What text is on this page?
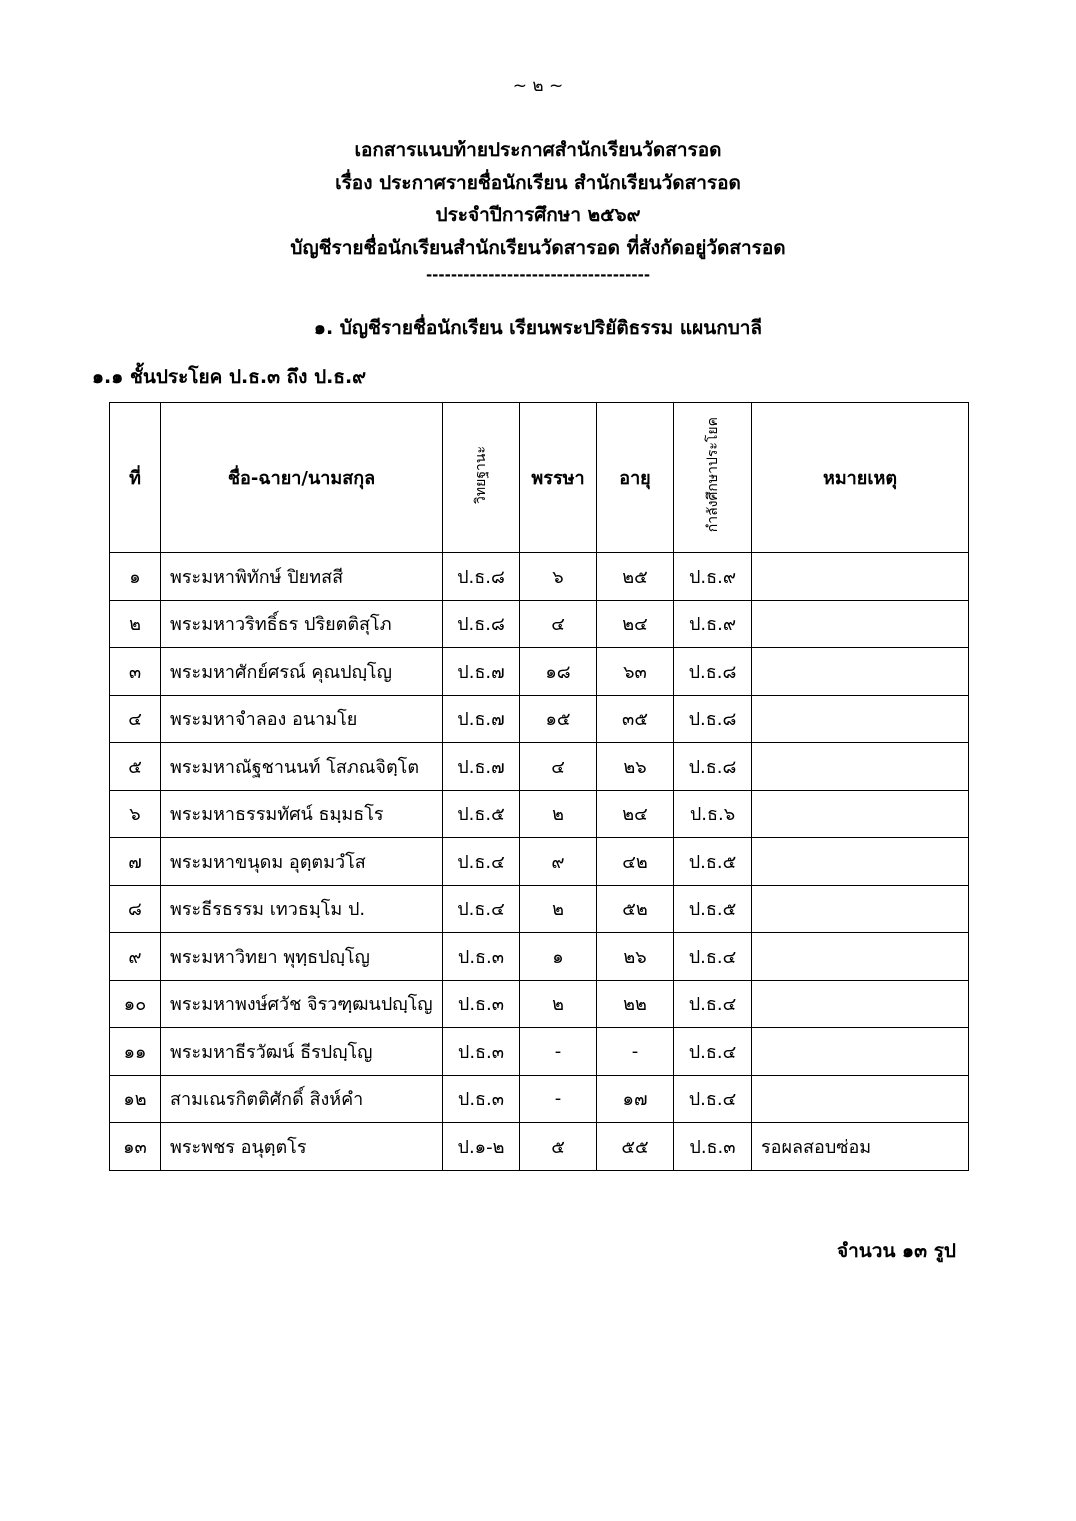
~ ๒ ~
เอกสารแนบท้ายประกาศสำนักเรียนวัดสารอด
เรื่อง ประกาศรายชื่อนักเรียน สำนักเรียนวัดสารอด
ประจำปีการศึกษา ๒๕๖๙
บัญชีรายชื่อนักเรียนสำนักเรียนวัดสารอด ที่สังกัดอยู่วัดสารอด
------------------------------------
๑. บัญชีรายชื่อนักเรียน เรียนพระปริยัติธรรม แผนกบาลี
๑.๑ ชั้นประโยค ป.ธ.๓ ถึง ป.ธ.๙
ที่	ชื่อ-ฉายา/นามสกุล	วิทยฐานะ	พรรษา	อายุ	กำลังศึกษาประโยค	หมายเหตุ
๑	พระมหาพิทักษ์ ปิยทสสี	ป.ธ.๘	๖	๒๕	ป.ธ.๙	
๒	พระมหาวริทธิ์ธร ปริยตติสุโภ	ป.ธ.๘	๔	๒๔	ป.ธ.๙	
๓	พระมหาศักย์ศรณ์ คุณปญฺโญ	ป.ธ.๗	๑๘	๖๓	ป.ธ.๘	
๔	พระมหาจำลอง อนามโย	ป.ธ.๗	๑๕	๓๕	ป.ธ.๘	
๕	พระมหาณัฐชานนท์ โสภณจิตฺโต	ป.ธ.๗	๔	๒๖	ป.ธ.๘	
๖	พระมหาธรรมทัศน์ ธมฺมธโร	ป.ธ.๕	๒	๒๔	ป.ธ.๖	
๗	พระมหาขนุดม อุตฺตมวํโส	ป.ธ.๔	๙	๔๒	ป.ธ.๕	
๘	พระธีรธรรม เทวธมฺโม ป.	ป.ธ.๔	๒	๕๒	ป.ธ.๕	
๙	พระมหาวิทยา พุทฺธปญฺโญ	ป.ธ.๓	๑	๒๖	ป.ธ.๔	
๑๐	พระมหาพงษ์ศวัช จิรวฑฺฒนปญฺโญ	ป.ธ.๓	๒	๒๒	ป.ธ.๔	
๑๑	พระมหาธีรวัฒน์ ธีรปญฺโญ	ป.ธ.๓	-	-	ป.ธ.๔	
๑๒	สามเณรกิตติศักดิ์ สิงห์คำ	ป.ธ.๓	-	๑๗	ป.ธ.๔	
๑๓	พระพชร อนุตฺตโร	ป.๑-๒	๕	๕๕	ป.ธ.๓	รอผลสอบซ่อม
จำนวน ๑๓ รูป
